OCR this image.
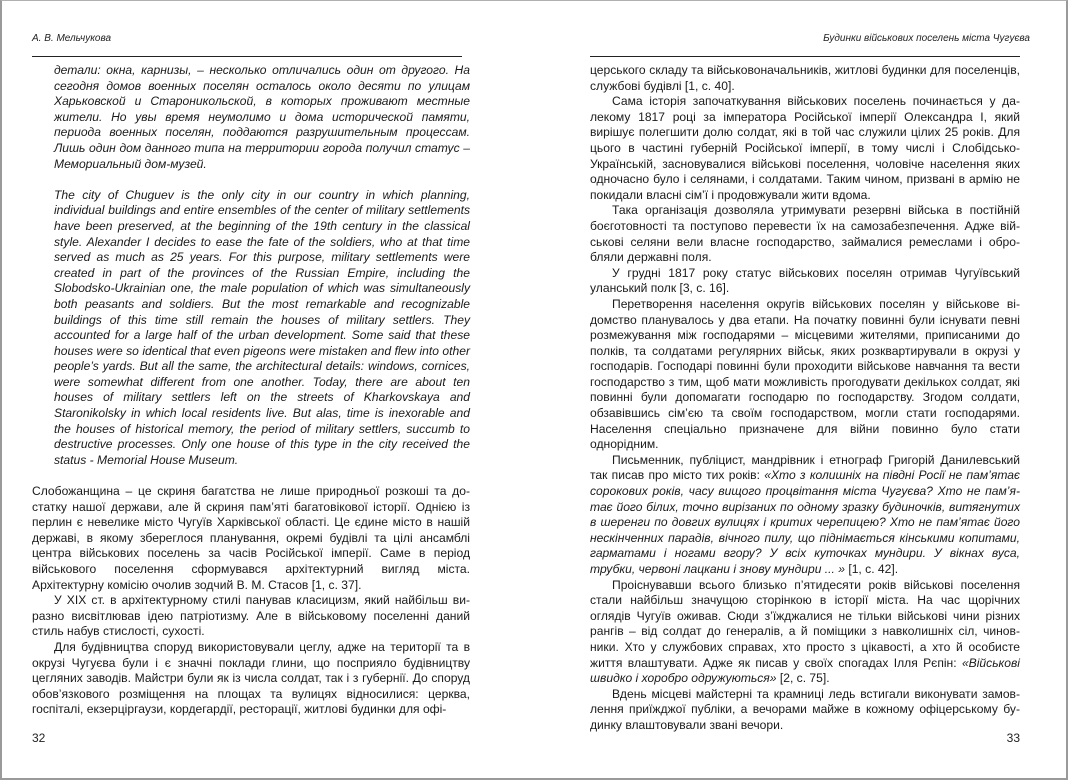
А. В. Мельчукова

детали: окна, карнизы, – несколько отличались один от другого. На сегодня домов военных поселян осталось около десяти по улицам Харьковской и Староникольской, в которых проживают местные жители. Но увы время неумолимо и дома исторической памяти, периода военных поселян, поддаются разрушительным процессам. Лишь один дом данного типа на территории города получил статус – Мемориальный дом-музей.

The city of Chuguev is the only city in our country in which planning, individual buildings and entire ensembles of the center of military settlements have been preserved, at the beginning of the 19th century in the classical style. Alexander I decides to ease the fate of the soldiers, who at that time served as much as 25 years. For this purpose, military settlements were created in part of the provinces of the Russian Empire, including the Slobodsko-Ukrainian one, the male population of which was simultaneously both peasants and soldiers. But the most remarkable and recognizable buildings of this time still remain the houses of military settlers. They accounted for a large half of the urban development. Some said that these houses were so identical that even pigeons were mistaken and flew into other people’s yards. But all the same, the architectural details: windows, cornices, were somewhat different from one another. Today, there are about ten houses of military settlers left on the streets of Kharkovskaya and Staronikolsky in which local residents live. But alas, time is inexorable and the houses of historical memory, the period of military settlers, succumb to destructive processes. Only one house of this type in the city received the status - Memorial House Museum.

Слобожанщина – це скриня багатства не лише природньої розкоші та достатку нашої держави, але й скриня пам’яті багатовікової історії. Однією із перлин є невелике місто Чугуїв Харківської області. Це єдине місто в нашій державі, в якому збереглося планування, окремі будівлі та цілі ансамблі центра військових поселень за часів Російської імперії. Саме в період військового поселення сформувався архітектурний вигляд міста. Архітектурну комісію очолив зодчий В. М. Стасов [1, с. 37].

У ХІХ ст. в архітектурному стилі панував класицизм, який найбільш виразно висвітлював ідею патріотизму. Але в військовому поселенні даний стиль набув стислості, сухості.

Для будівництва споруд використовували цеглу, адже на території та в окрузі Чугуєва були і є значні поклади глини, що посприяло будівництву цегляних заводів. Майстри були як із числа солдат, так і з губернії. До споруд обов’язкового розміщення на площах та вулицях відносилися: церква, госпіталі, екзерціргаузи, кордегардії, ресторації, житлові будинки для офі-

32
Будинки військових поселень міста Чугуєва

церського складу та військовоначальників, житлові будинки для поселенців, службові будівлі [1, с. 40].

Сама історія започаткування військових поселень починається у далекому 1817 році за імператора Російської імперії Олександра І, який вирішує полегшити долю солдат, які в той час служили цілих 25 років. Для цього в частині губерній Російської імперії, в тому числі і Слобідсько-Українській, засновувалися військові поселення, чоловіче населення яких одночасно було і селянами, і солдатами. Таким чином, призвані в армію не покидали власні сім’ї і продовжували жити вдома.

Така організація дозволяла утримувати резервні війська в постійній боєготовності та поступово перевести їх на самозабезпечення. Адже військові селяни вели власне господарство, займалися ремеслами і обробляли державні поля.

У грудні 1817 року статус військових поселян отримав Чугуївський уланський полк [3, с. 16].

Перетворення населення округів військових поселян у військове відомство планувалось у два етапи. На початку повинні були існувати певні розмежування між господарями – місцевими жителями, приписаними до полків, та солдатами регулярних військ, яких розквартирували в окрузі у господарів. Господарі повинні були проходити військове навчання та вести господарство з тим, щоб мати можливість прогодувати декількох солдат, які повинні були допомагати господарю по господарству. Згодом солдати, обзавівшись сім’єю та своїм господарством, могли стати господарями. Населення спеціально призначене для війни повинно було стати однорідним.

Письменник, публіцист, мандрівник і етнограф Григорій Данилевський так писав про місто тих років: «Хто з колишніх на півдні Росії не пам’ятає сорокових років, часу вищого процвітання міста Чугуєва? Хто не пам’ятає його білих, точно вирізаних по одному зразку будиночків, витягнутих в шеренги по довгих вулицях і критих черепицею? Хто не пам’ятає його нескінченних парадів, вічного пилу, що піднімається кінськими копитами, гарматами і ногами вгору? У всіх куточках мундири. У вікнах вуса, трубки, червоні лацкани і знову мундири ... » [1, с. 42].

Проіснувавши всього близько п’ятидесяти років військові поселення стали найбільш значущою сторінкою в історії міста. На час щорічних оглядів Чугуїв оживав. Сюди з’їжджалися не тільки військові чини різних рангів – від солдат до генералів, а й поміщики з навколишніх сіл, чиновники. Хто у службових справах, хто просто з цікавості, а хто й особисте життя влаштувати. Адже як писав у своїх спогадах Ілля Рєпін: «Військові швидко і хоробро одружуються» [2, с. 75].

Вдень місцеві майстерні та крамниці ледь встигали виконувати замовлення приїжджої публіки, а вечорами майже в кожному офіцерському будинку влаштовували звані вечори.

33
